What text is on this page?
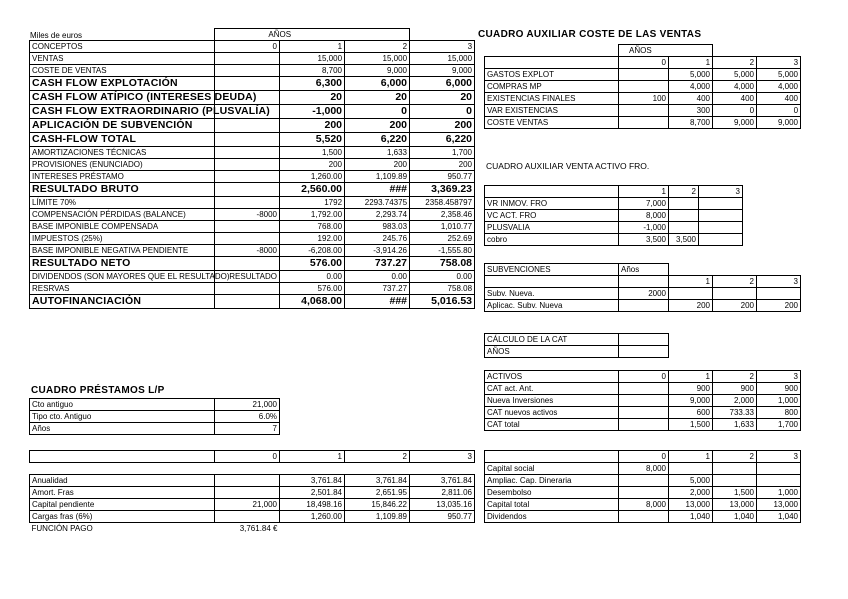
Miles de euros
		AÑOS			
CONCEPTOS	0	1	2	3
VENTAS		15,000	15,000	15,000
COSTE DE VENTAS		8,700	9,000	9,000
CASH FLOW EXPLOTACIÓN		6,300	6,000	6,000
CASH FLOW ATÍPICO (INTERESES DEUDA)		20	20	20
CASH FLOW EXTRAORDINARIO (PLUSVALÍA)		-1,000	0	0
APLICACIÓN DE SUBVENCIÓN		200	200	200
CASH-FLOW TOTAL		5,520	6,220	6,220
AMORTIZACIONES TÉCNICAS		1,500	1,633	1,700
PROVISIONES (ENUNCIADO)		200	200	200
INTERESES PRÉSTAMO		1,260.00	1,109.89	950.77
RESULTADO BRUTO		2,560.00	###	3,369.23
LÍMITE 70%		1792	2293.74375	2358.458797
COMPENSACIÓN PÉRDIDAS (BALANCE)	-8000	1,792.00	2,293.74	2,358.46
BASE IMPONIBLE COMPENSADA		768.00	983.03	1,010.77
IMPUESTOS (25%)		192.00	245.76	252.69
BASE IMPONIBLE NEGATIVA PENDIENTE	-8000	-6,208.00	-3,914.26	-1,555.80
RESULTADO NETO		576.00	737.27	758.08
DIVIDENDOS (SON MAYORES QUE EL RESULTADO)	RESULTADO	0.00	0.00	0.00
RESRVAS		576.00	737.27	758.08
AUTOFINANCIACIÓN		4,068.00	###	5,016.53
CUADRO AUXILIAR COSTE DE LAS VENTAS
	AÑOS			
	0	1	2	3
GASTOS EXPLOT		5,000	5,000	5,000
COMPRAS MP		4,000	4,000	4,000
EXISTENCIAS FINALES	100	400	400	400
VAR EXISTENCIAS		300	0	0
COSTE VENTAS		8,700	9,000	9,000
CUADRO AUXILIAR VENTA ACTIVO FRO.
	1	2	3
VR INMOV. FRO	7,000		
VC ACT. FRO	8,000		
PLUSVALIA	-1,000		
cobro	3,500	3,500	
SUBVENCIONES	Años			
		1	2	3
Subv. Nueva.	2000			
Aplicac. Subv. Nueva		200	200	200
CÁLCULO DE LA CAT	
AÑOS	
ACTIVOS	0	1	2	3
CAT act. Ant.		900	900	900
Nueva Inversiones		9,000	2,000	1,000
CAT nuevos activos		600	733.33	800
CAT total		1,500	1,633	1,700
	0	1	2	3
Capital social	8,000			
Ampliac. Cap. Dineraria		5,000		
Desembolso		2,000	1,500	1,000
Capital total	8,000	13,000	13,000	13,000
Dividendos		1,040	1,040	1,040
CUADRO PRÉSTAMOS L/P
Cto antiguo	21,000
Tipo cto. Antiguo	6.0%
Años	7
	0	1	2	3

Anualidad		3,761.84	3,761.84	3,761.84
Amort. Fras		2,501.84	2,651.95	2,811.06
Capital pendiente	21,000	18,498.16	15,846.22	13,035.16
Cargas fras (6%)		1,260.00	1,109.89	950.77
FUNCIÓN PAGO	3,761.84 €			
